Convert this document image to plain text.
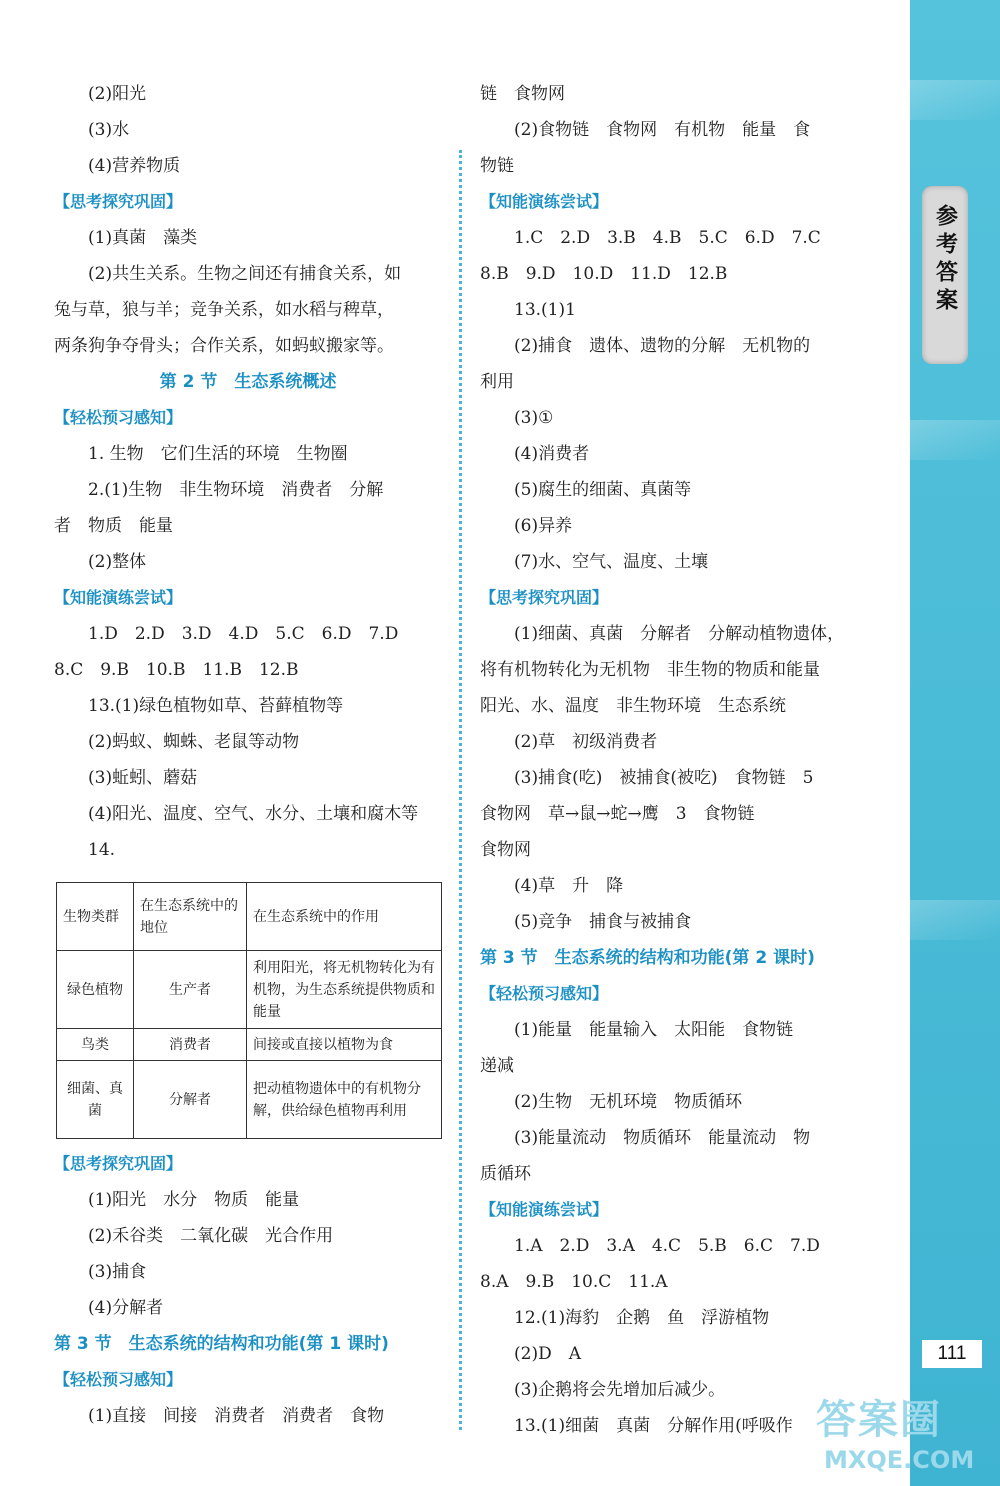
参考答案
111
(2)阳光
(3)水
(4)营养物质
【思考探究巩固】
(1)真菌　藻类
(2)共生关系。生物之间还有捕食关系，如
兔与草，狼与羊；竞争关系，如水稻与稗草，
两条狗争夺骨头；合作关系，如蚂蚁搬家等。
第 2 节　生态系统概述
【轻松预习感知】
1. 生物　它们生活的环境　生物圈
2.(1)生物　非生物环境　消费者　分解
者　物质　能量
(2)整体
【知能演练尝试】
1.D　2.D　3.D　4.D　5.C　6.D　7.D
8.C　9.B　10.B　11.B　12.B
13.(1)绿色植物如草、苔藓植物等
(2)蚂蚁、蜘蛛、老鼠等动物
(3)蚯蚓、蘑菇
(4)阳光、温度、空气、水分、土壤和腐木等
14.
生物类群	在生态系统中的地位	在生态系统中的作用
绿色植物	生产者	利用阳光，将无机物转化为有机物，为生态系统提供物质和能量
鸟类	消费者	间接或直接以植物为食
细菌、真菌	分解者	把动植物遗体中的有机物分解，供给绿色植物再利用
【思考探究巩固】
(1)阳光　水分　物质　能量
(2)禾谷类　二氧化碳　光合作用
(3)捕食
(4)分解者
第 3 节　生态系统的结构和功能(第 1 课时)
【轻松预习感知】
(1)直接　间接　消费者　消费者　食物
链　食物网
(2)食物链　食物网　有机物　能量　食
物链
【知能演练尝试】
1.C　2.D　3.B　4.B　5.C　6.D　7.C
8.B　9.D　10.D　11.D　12.B
13.(1)1
(2)捕食　遗体、遗物的分解　无机物的
利用
(3)①
(4)消费者
(5)腐生的细菌、真菌等
(6)异养
(7)水、空气、温度、土壤
【思考探究巩固】
(1)细菌、真菌　分解者　分解动植物遗体，
将有机物转化为无机物　非生物的物质和能量
阳光、水、温度　非生物环境　生态系统
(2)草　初级消费者
(3)捕食(吃)　被捕食(被吃)　食物链　5
食物网　草→鼠→蛇→鹰　3　食物链
食物网
(4)草　升　降
(5)竞争　捕食与被捕食
第 3 节　生态系统的结构和功能(第 2 课时)
【轻松预习感知】
(1)能量　能量输入　太阳能　食物链
递减
(2)生物　无机环境　物质循环
(3)能量流动　物质循环　能量流动　物
质循环
【知能演练尝试】
1.A　2.D　3.A　4.C　5.B　6.C　7.D
8.A　9.B　10.C　11.A
12.(1)海豹　企鹅　鱼　浮游植物
(2)D　A
(3)企鹅将会先增加后减少。
13.(1)细菌　真菌　分解作用(呼吸作 答案圈
MXQE.COM
